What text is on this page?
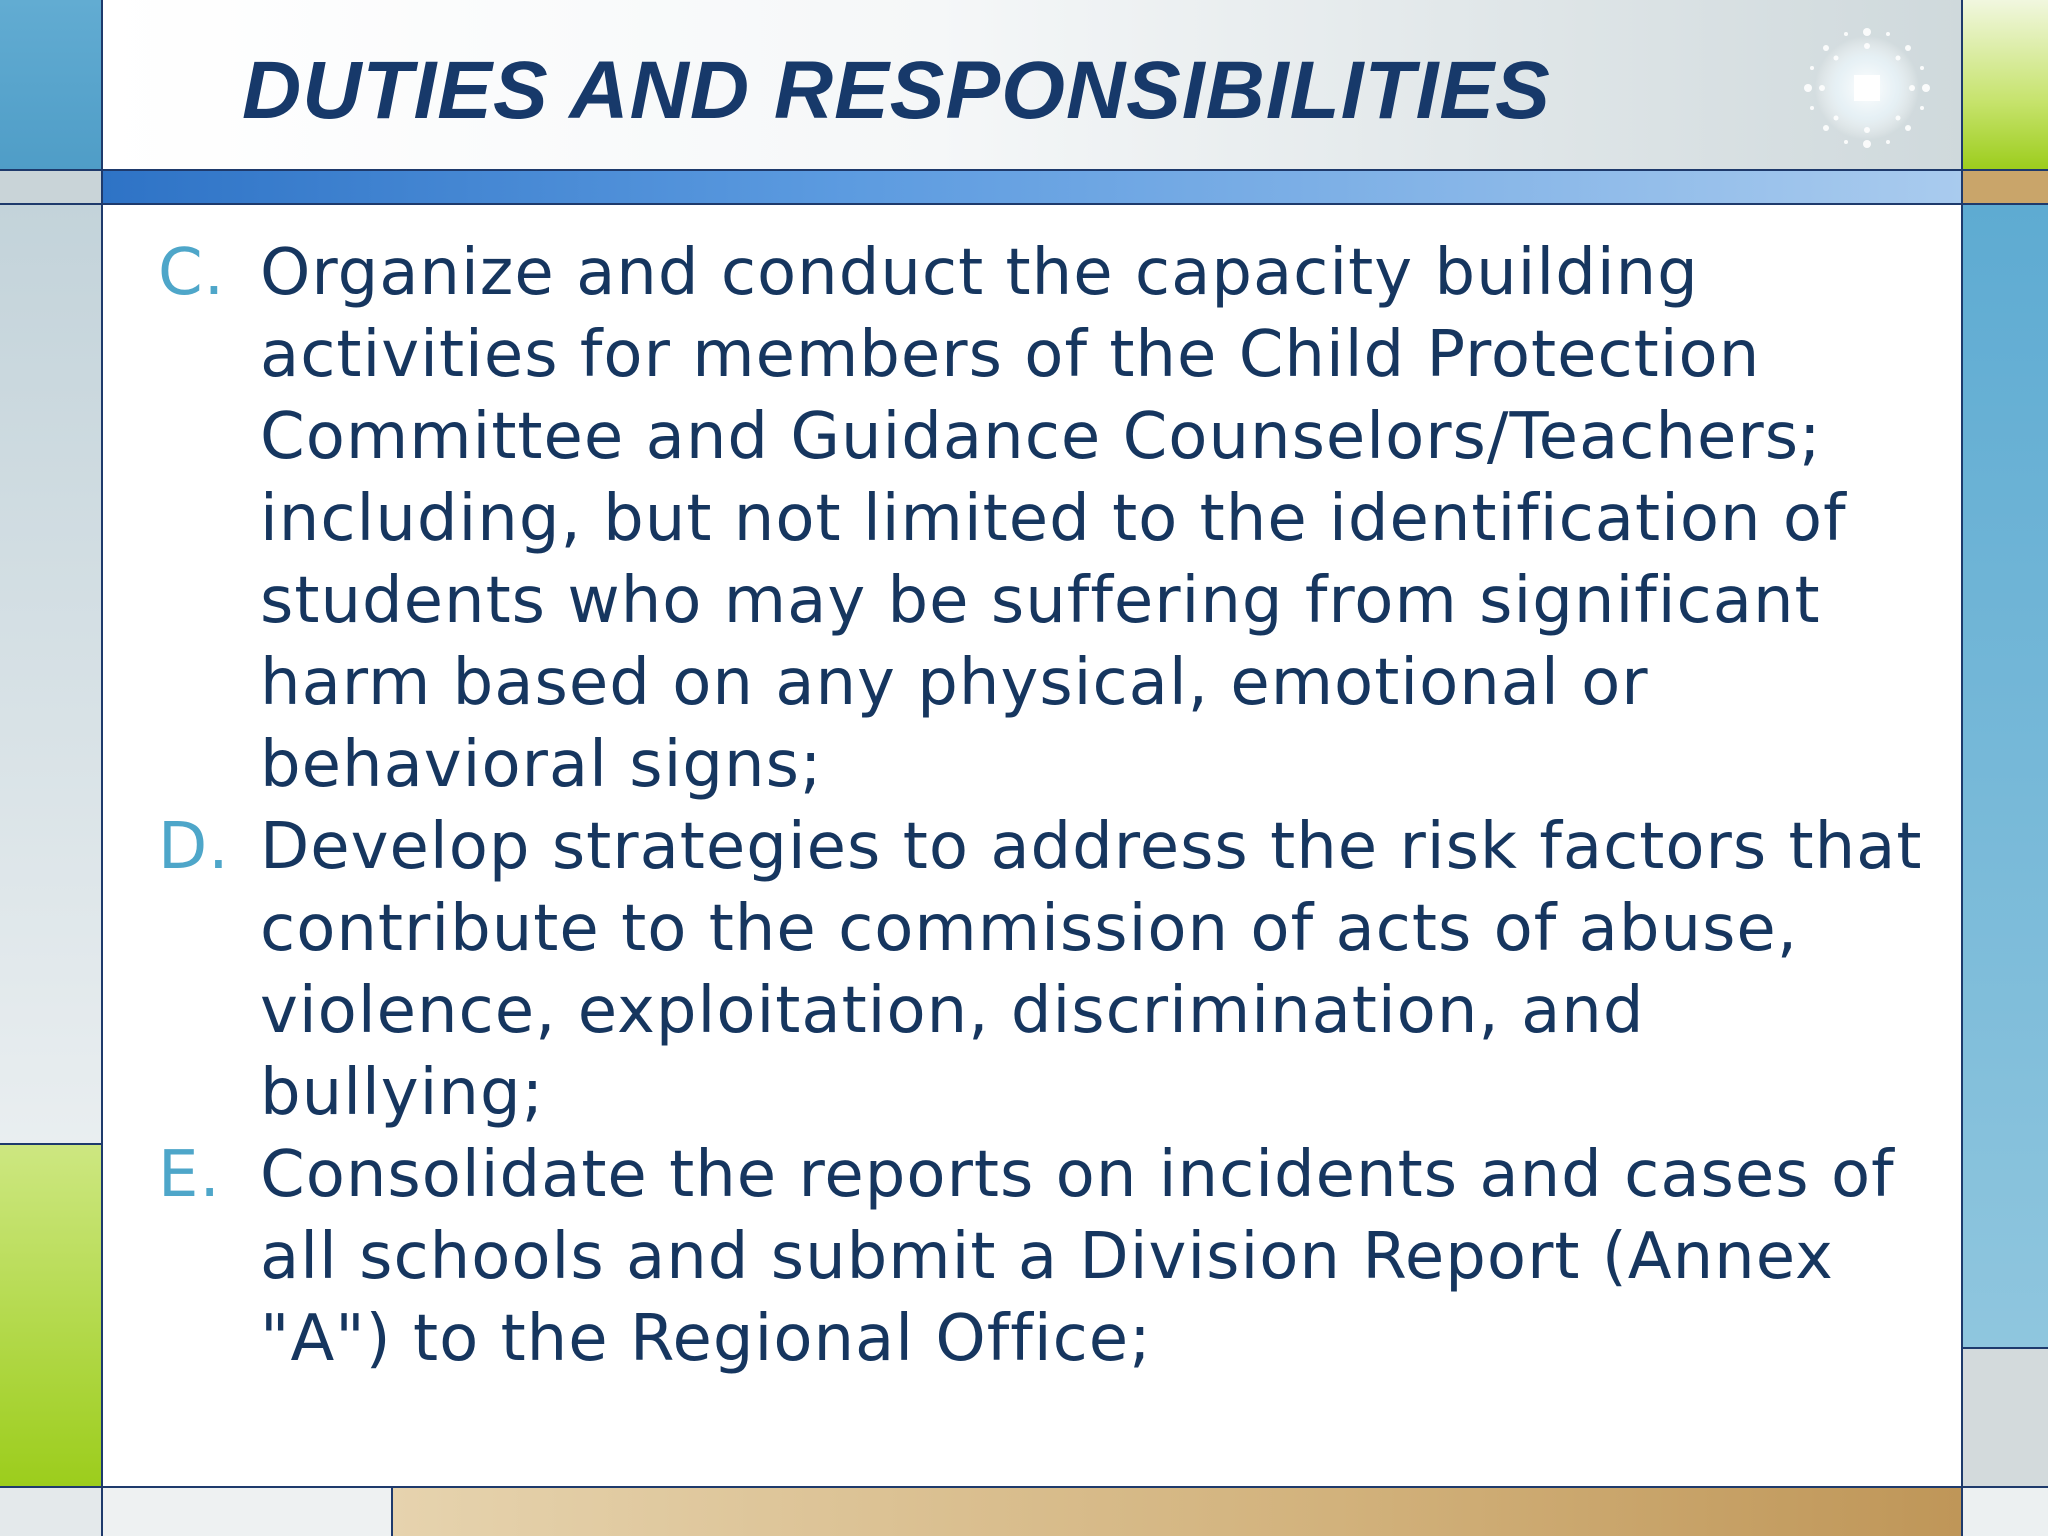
DUTIES AND RESPONSIBILITIES
C. Organize and conduct the capacity building activities for members of the Child Protection Committee and Guidance Counselors/Teachers; including, but not limited to the identification of students who may be suffering from significant harm based on any physical, emotional or behavioral signs;
D. Develop strategies to address the risk factors that contribute to the commission of acts of abuse, violence, exploitation, discrimination, and bullying;
E. Consolidate the reports on incidents and cases of all schools and submit a Division Report (Annex "A") to the Regional Office;
